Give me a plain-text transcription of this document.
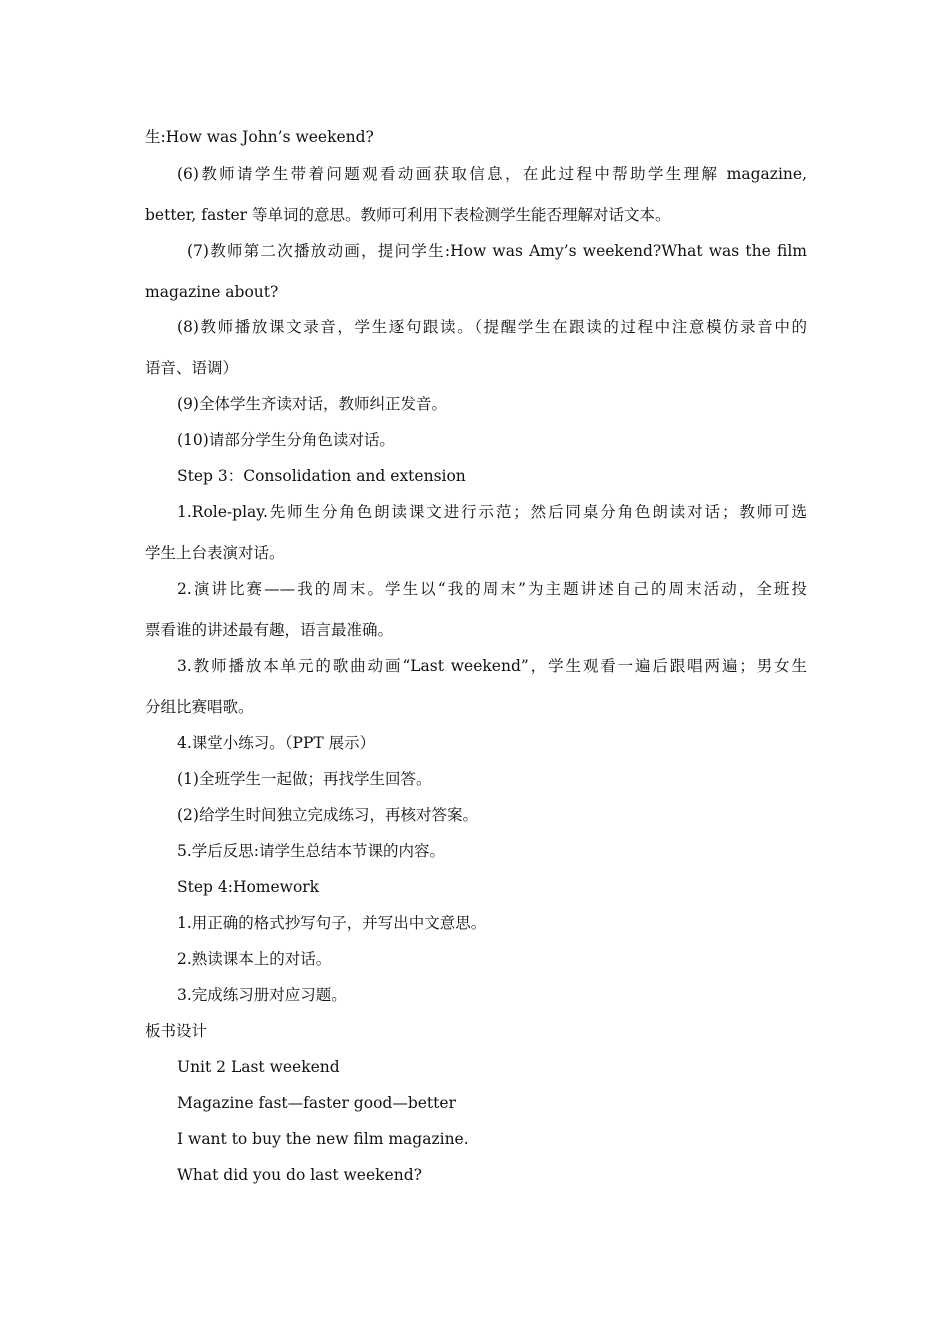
生:How was John’s weekend?
(6)教师请学生带着问题观看动画获取信息，在此过程中帮助学生理解 magazine,
better, faster 等单词的意思。教师可利用下表检测学生能否理解对话文本。
(7)教师第二次播放动画，提问学生:How was Amy’s weekend?What was the film
magazine about?
(8)教师播放课文录音，学生逐句跟读。（提醒学生在跟读的过程中注意模仿录音中的
语音、语调）
(9)全体学生齐读对话，教师纠正发音。
(10)请部分学生分角色读对话。
Step 3：Consolidation and extension
1.Role-play.先师生分角色朗读课文进行示范；然后同桌分角色朗读对话；教师可选
学生上台表演对话。
2.演讲比赛——我的周末。学生以“我的周末”为主题讲述自己的周末活动，全班投
票看谁的讲述最有趣，语言最准确。
3.教师播放本单元的歌曲动画“Last weekend”，学生观看一遍后跟唱两遍；男女生
分组比赛唱歌。
4.课堂小练习。（PPT 展示）
(1)全班学生一起做；再找学生回答。
(2)给学生时间独立完成练习，再核对答案。
5.学后反思:请学生总结本节课的内容。
Step 4:Homework
1.用正确的格式抄写句子，并写出中文意思。
2.熟读课本上的对话。
3.完成练习册对应习题。
板书设计
Unit 2 Last weekend
Magazine fast—faster good—better
I want to buy the new film magazine.
What did you do last weekend?
